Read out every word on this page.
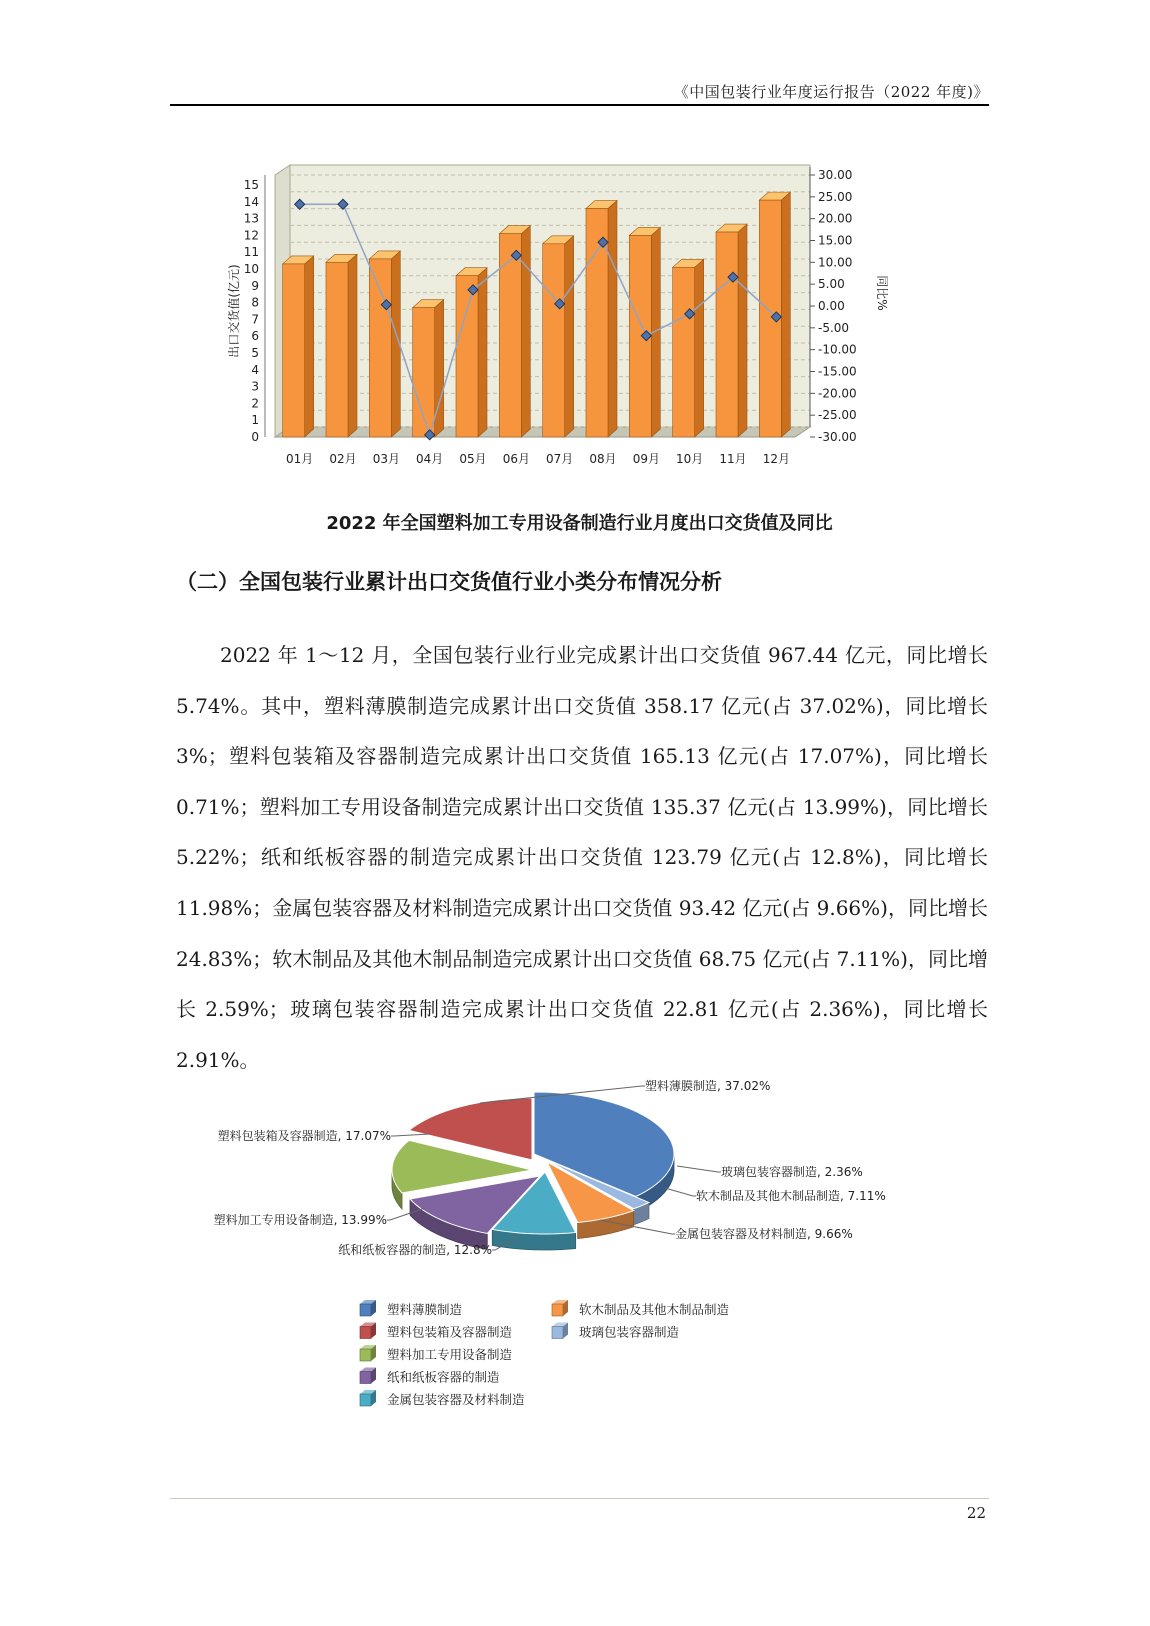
《中国包装行业年度运行报告（2022 年度)》
0
1
2
3
4
5
6
7
8
9
10
11
12
13
14
15
-30.00
-25.00
-20.00
-15.00
-10.00
-5.00
0.00
5.00
10.00
15.00
20.00
25.00
30.00
出口交货值(亿元)	同比%
01月 02月 03月 04月 05月 06月 07月 08月 09月 10月 11月 12月
2022 年全国塑料加工专用设备制造行业月度出口交货值及同比
（二）全国包装行业累计出口交货值行业小类分布情况分析
2022 年 1～12 月，全国包装行业行业完成累计出口交货值 967.44 亿元，同比增长 5.74%。其中，塑料薄膜制造完成累计出口交货值 358.17 亿元(占 37.02%)，同比增长 3%；塑料包装箱及容器制造完成累计出口交货值 165.13 亿元(占 17.07%)，同比增长 0.71%；塑料加工专用设备制造完成累计出口交货值 135.37 亿元(占 13.99%)，同比增长 5.22%；纸和纸板容器的制造完成累计出口交货值 123.79 亿元(占 12.8%)，同比增长 11.98%；金属包装容器及材料制造完成累计出口交货值 93.42 亿元(占 9.66%)，同比增长 24.83%；软木制品及其他木制品制造完成累计出口交货值 68.75 亿元(占 7.11%)，同比增长 2.59%；玻璃包装容器制造完成累计出口交货值 22.81 亿元(占 2.36%)，同比增长 2.91%。
塑料薄膜制造, 37.02%
玻璃包装容器制造, 2.36%
软木制品及其他木制品制造, 7.11%
金属包装容器及材料制造, 9.66%
纸和纸板容器的制造, 12.8%
塑料加工专用设备制造, 13.99%
塑料包装箱及容器制造, 17.07%
塑料薄膜制造
塑料包装箱及容器制造
塑料加工专用设备制造
纸和纸板容器的制造
金属包装容器及材料制造
软木制品及其他木制品制造
玻璃包装容器制造
22
